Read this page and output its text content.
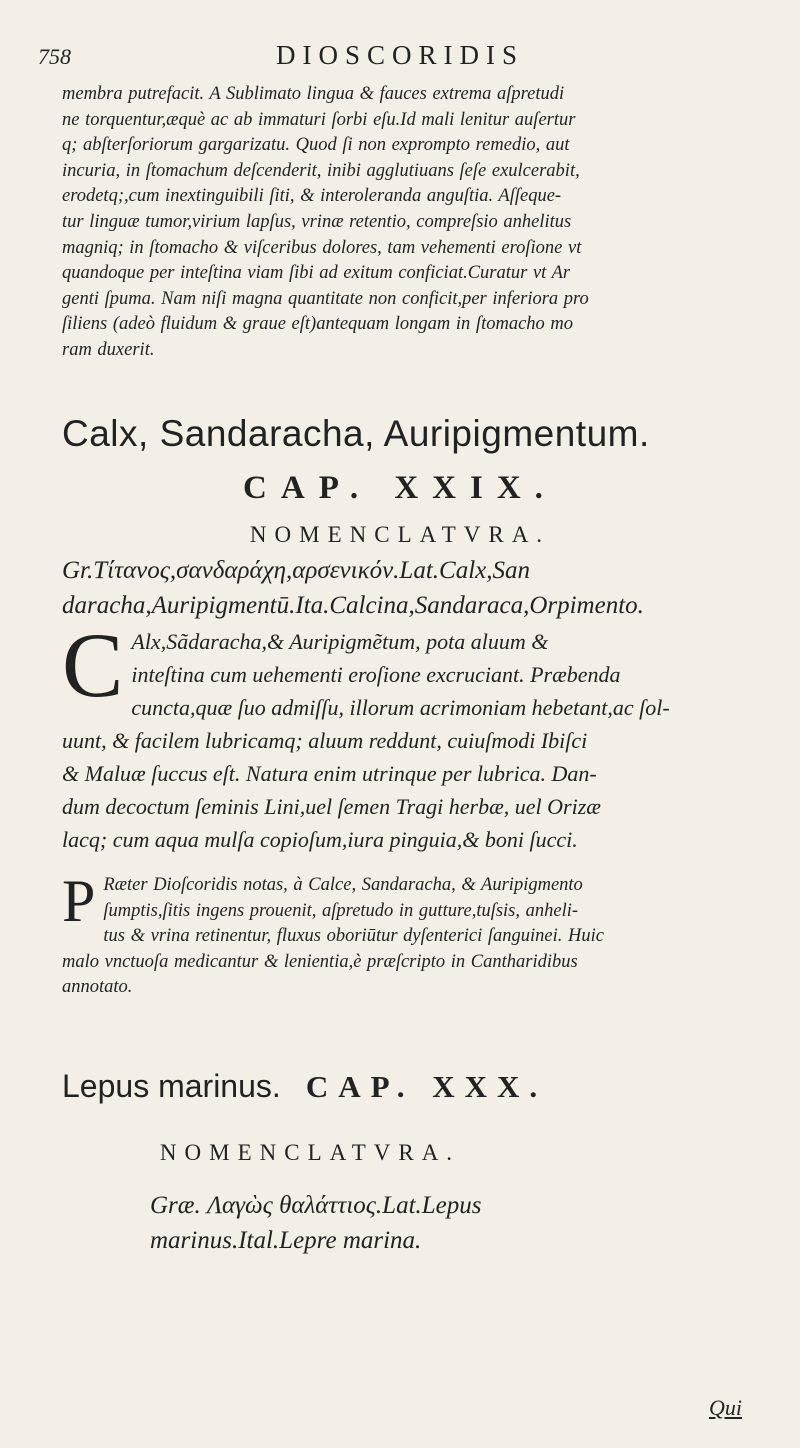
758	DIOSCORIDIS

membra putrefacit. A Sublimato lingua & fauces extrema aſpretudi

ne torquentur,æquè ac ab immaturi ſorbi eſu.Id mali lenitur auſertur

q; abſterſoriorum gargarizatu. Quod ſi non exprompto remedio, aut

incuria, in ſtomachum deſcenderit, inibi agglutiuans ſeſe exulcerabit,

erodetq;,cum inextinguibili ſiti, & interoleranda anguſtia. Aſſeque-

tur linguæ tumor,virium lapſus, vrinæ retentio, compreſsio anhelitus

magniq; in ſtomacho & viſceribus dolores, tam vehementi eroſione vt

quandoque per inteſtina viam ſibi ad exitum conficiat.Curatur vt Ar

genti ſpuma. Nam niſi magna quantitate non conficit,per inferiora pro

ſiliens (adeò fluidum & graue eſt)antequam longam in ſtomacho mo

ram duxerit.

Calx, Sandaracha, Auripigmentum.
CAP. XXIX.
NOMENCLATVRA.
Gr.Τίτανος,σανδαράχη,αρσενικόν.Lat.Calx,San
daracha,Auripigmentū.Ita.Calcina,Sandaraca,Orpimento.
C Alx,Sãdaracha,& Auripigmẽtum, pota aluum &
inteſtina cum uehementi eroſione excruciant. Præbenda
cuncta,quæ ſuo admiſſu, illorum acrimoniam hebetant,ac ſol-
uunt, & facilem lubricamq; aluum reddunt, cuiuſmodi Ibiſci
& Maluæ ſuccus eſt. Natura enim utrinque per lubrica. Dan-
dum decoctum ſeminis Lini,uel ſemen Tragi herbæ, uel Orizæ
lacq; cum aqua mulſa copioſum,iura pinguia,& boni ſucci.
P Ræter Dioſcoridis notas, à Calce, Sandaracha, & Auripigmento
ſumptis,ſitis ingens prouenit, aſpretudo in gutture,tuſsis, anheli-
tus & vrina retinentur, fluxus oboriūtur dyſenterici ſanguinei. Huic
malo vnctuoſa medicantur & lenientia,è præſcripto in Cantharidibus
annotato.
Lepus marinus. CAP. XXX.
NOMENCLATVRA.
Græ. Λαγὼς θαλάττιος.Lat.Lepus
marinus.Ital.Lepre marina.
Qui
